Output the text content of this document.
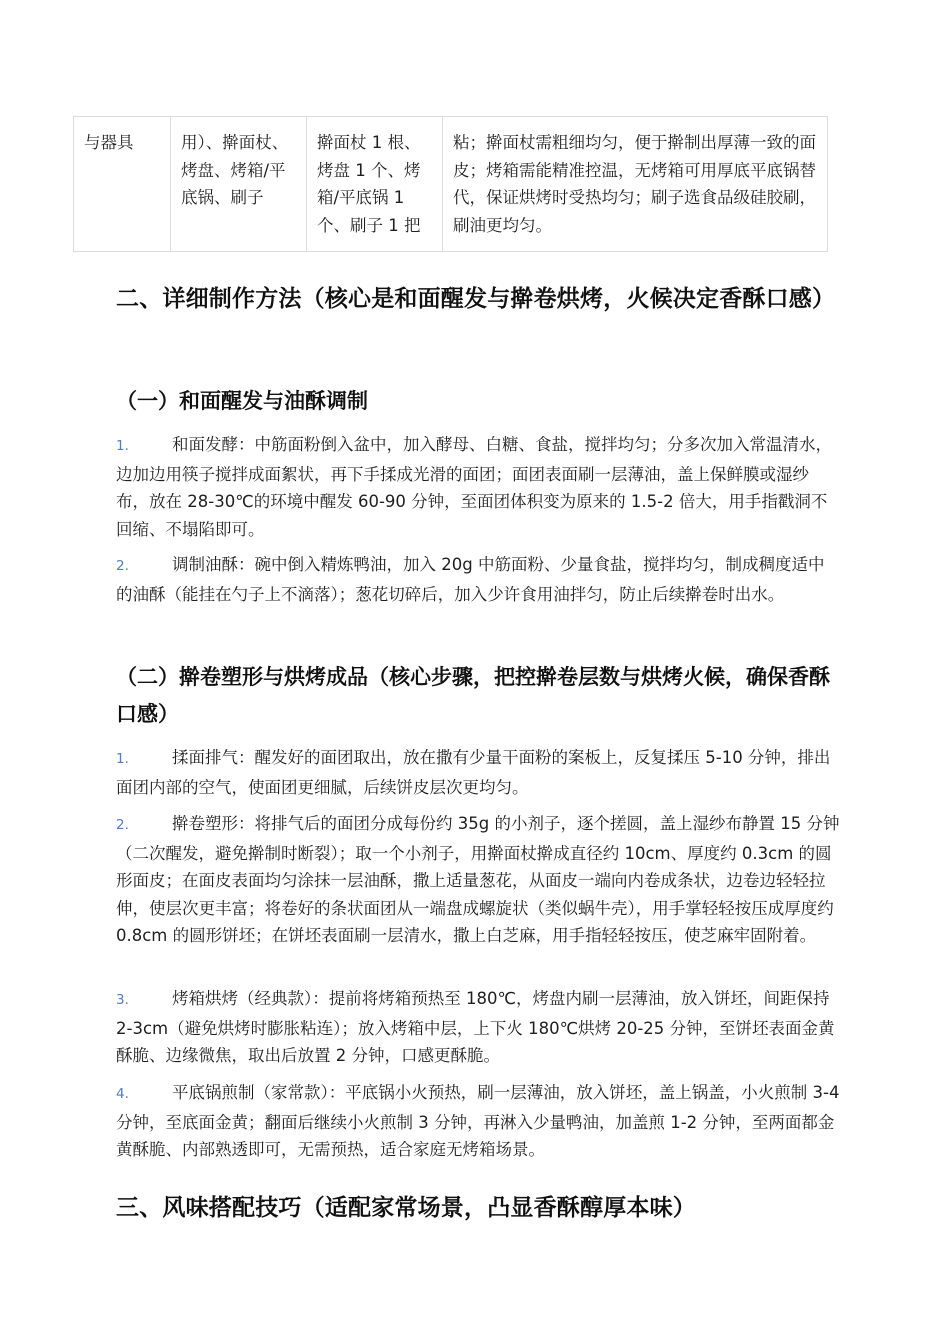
与器具	用）、擀面杖、烤盘、烤箱/平底锅、刷子	擀面杖 1 根、烤盘 1 个、烤箱/平底锅 1 个、刷子 1 把	粘；擀面杖需粗细均匀，便于擀制出厚薄一致的面皮；烤箱需能精准控温，无烤箱可用厚底平底锅替代，保证烘烤时受热均匀；刷子选食品级硅胶刷，刷油更均匀。
二、详细制作方法（核心是和面醒发与擀卷烘烤，火候决定香酥口感）
（一）和面醒发与油酥调制

1.	和面发酵：中筋面粉倒入盆中，加入酵母、白糖、食盐，搅拌均匀；分多次加入常温清水，边加边用筷子搅拌成面絮状，再下手揉成光滑的面团；面团表面刷一层薄油，盖上保鲜膜或湿纱布，放在 28-30℃的环境中醒发 60-90 分钟，至面团体积变为原来的 1.5-2 倍大，用手指戳洞不回缩、不塌陷即可。

2.	调制油酥：碗中倒入精炼鸭油，加入 20g 中筋面粉、少量食盐，搅拌均匀，制成稠度适中的油酥（能挂在勺子上不滴落）；葱花切碎后，加入少许食用油拌匀，防止后续擀卷时出水。

（二）擀卷塑形与烘烤成品（核心步骤，把控擀卷层数与烘烤火候，确保香酥口感）

1.	揉面排气：醒发好的面团取出，放在撒有少量干面粉的案板上，反复揉压 5-10 分钟，排出面团内部的空气，使面团更细腻，后续饼皮层次更均匀。

2.	擀卷塑形：将排气后的面团分成每份约 35g 的小剂子，逐个搓圆，盖上湿纱布静置 15 分钟（二次醒发，避免擀制时断裂）；取一个小剂子，用擀面杖擀成直径约 10cm、厚度约 0.3cm 的圆形面皮；在面皮表面均匀涂抹一层油酥，撒上适量葱花，从面皮一端向内卷成条状，边卷边轻轻拉伸，使层次更丰富；将卷好的条状面团从一端盘成螺旋状（类似蜗牛壳），用手掌轻轻按压成厚度约 0.8cm 的圆形饼坯；在饼坯表面刷一层清水，撒上白芝麻，用手指轻轻按压，使芝麻牢固附着。

3.	烤箱烘烤（经典款）：提前将烤箱预热至 180℃，烤盘内刷一层薄油，放入饼坯，间距保持 2-3cm（避免烘烤时膨胀粘连）；放入烤箱中层，上下火 180℃烘烤 20-25 分钟，至饼坯表面金黄酥脆、边缘微焦，取出后放置 2 分钟，口感更酥脆。

4.	平底锅煎制（家常款）：平底锅小火预热，刷一层薄油，放入饼坯，盖上锅盖，小火煎制 3-4 分钟，至底面金黄；翻面后继续小火煎制 3 分钟，再淋入少量鸭油，加盖煎 1-2 分钟，至两面都金黄酥脆、内部熟透即可，无需预热，适合家庭无烤箱场景。

三、风味搭配技巧（适配家常场景，凸显香酥醇厚本味）
